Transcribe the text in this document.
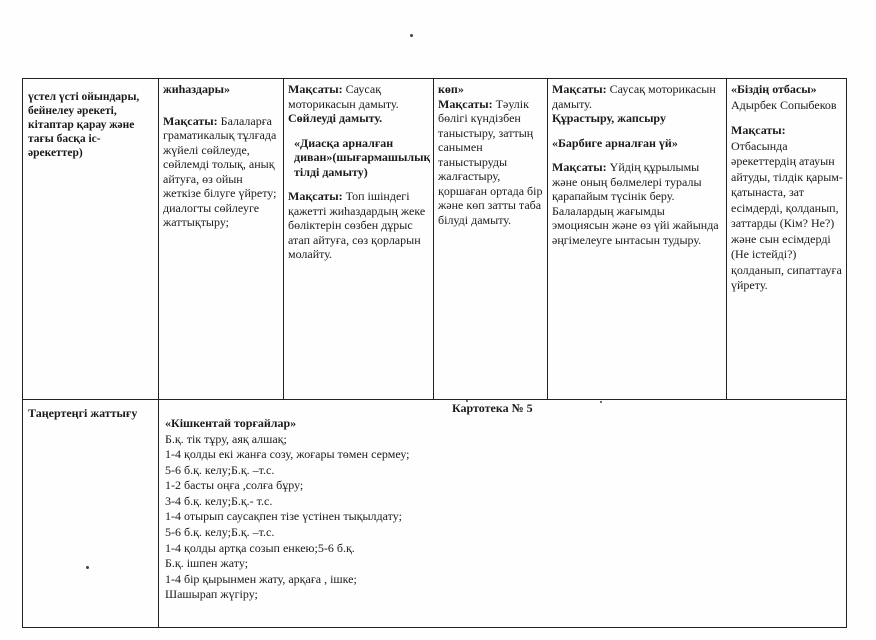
үстел үсті ойындары, бейнелеу әрекеті, кітаптар қарау және тағы басқа іс-әрекеттер)

жиһаздары»

Мақсаты: Балаларға граматикалық тұлғада жүйелі сөйлеуде, сөйлемді толық, анық айтуға, өз ойын жеткізе білуге үйрету; диалогты сөйлеуге жаттықтыру;

Мақсаты: Саусақ моторикасын дамыту.

Сөйлеуді дамыту.

«Диасқа арналған диван»(шығармашылық тілді дамыту)

Мақсаты: Топ ішіндегі қажетті жиһаздардың жеке бөліктерін сөзбен дұрыс атап айтуға, сөз қорларын молайту.

көп»

Мақсаты: Тәулік бөлігі күндізбен таныстыру, заттың санымен таныстыруды жалғастыру, қоршаған ортада бір және көп затты таба білуді дамыту.

Мақсаты: Саусақ моторикасын дамыту.

Құрастыру, жапсыру

«Барбиге арналған үй»

Мақсаты: Үйдің құрылымы және оның бөлмелері туралы қарапайым түсінік беру. Балалардың жағымды эмоциясын және өз үйі жайында әңгімелеуге ынтасын тудыру.

«Біздің отбасы»

Адырбек Сопыбеков

Мақсаты:

Отбасында әрекеттердің атауын айтуды, тілдік қарым-қатынаста, зат есімдерді, қолданып, заттарды (Кім? Не?) және сын есімдерді (Не істейді?) қолданып, сипаттауға үйрету.

Таңертеңгі жаттығу	Картотека № 5

«Кішкентай торғайлар»

Б.қ. тік тұру, аяқ алшақ;
1-4 қолды екі жанға созу, жоғары төмен сермеу;
5-6 б.қ. келу;Б.қ. –т.с.
1-2 басты оңға ,солға бұру;
3-4 б.қ. келу;Б.қ.- т.с.
1-4 отырып саусақпен тізе үстінен тықылдату;
5-6 б.қ. келу;Б.қ. –т.с.
1-4 қолды артқа созып енкею;5-6 б.қ.
Б.қ. ішпен жату;
1-4 бір қырынмен жату, арқаға , ішке;
Шашырап жүгіру;
